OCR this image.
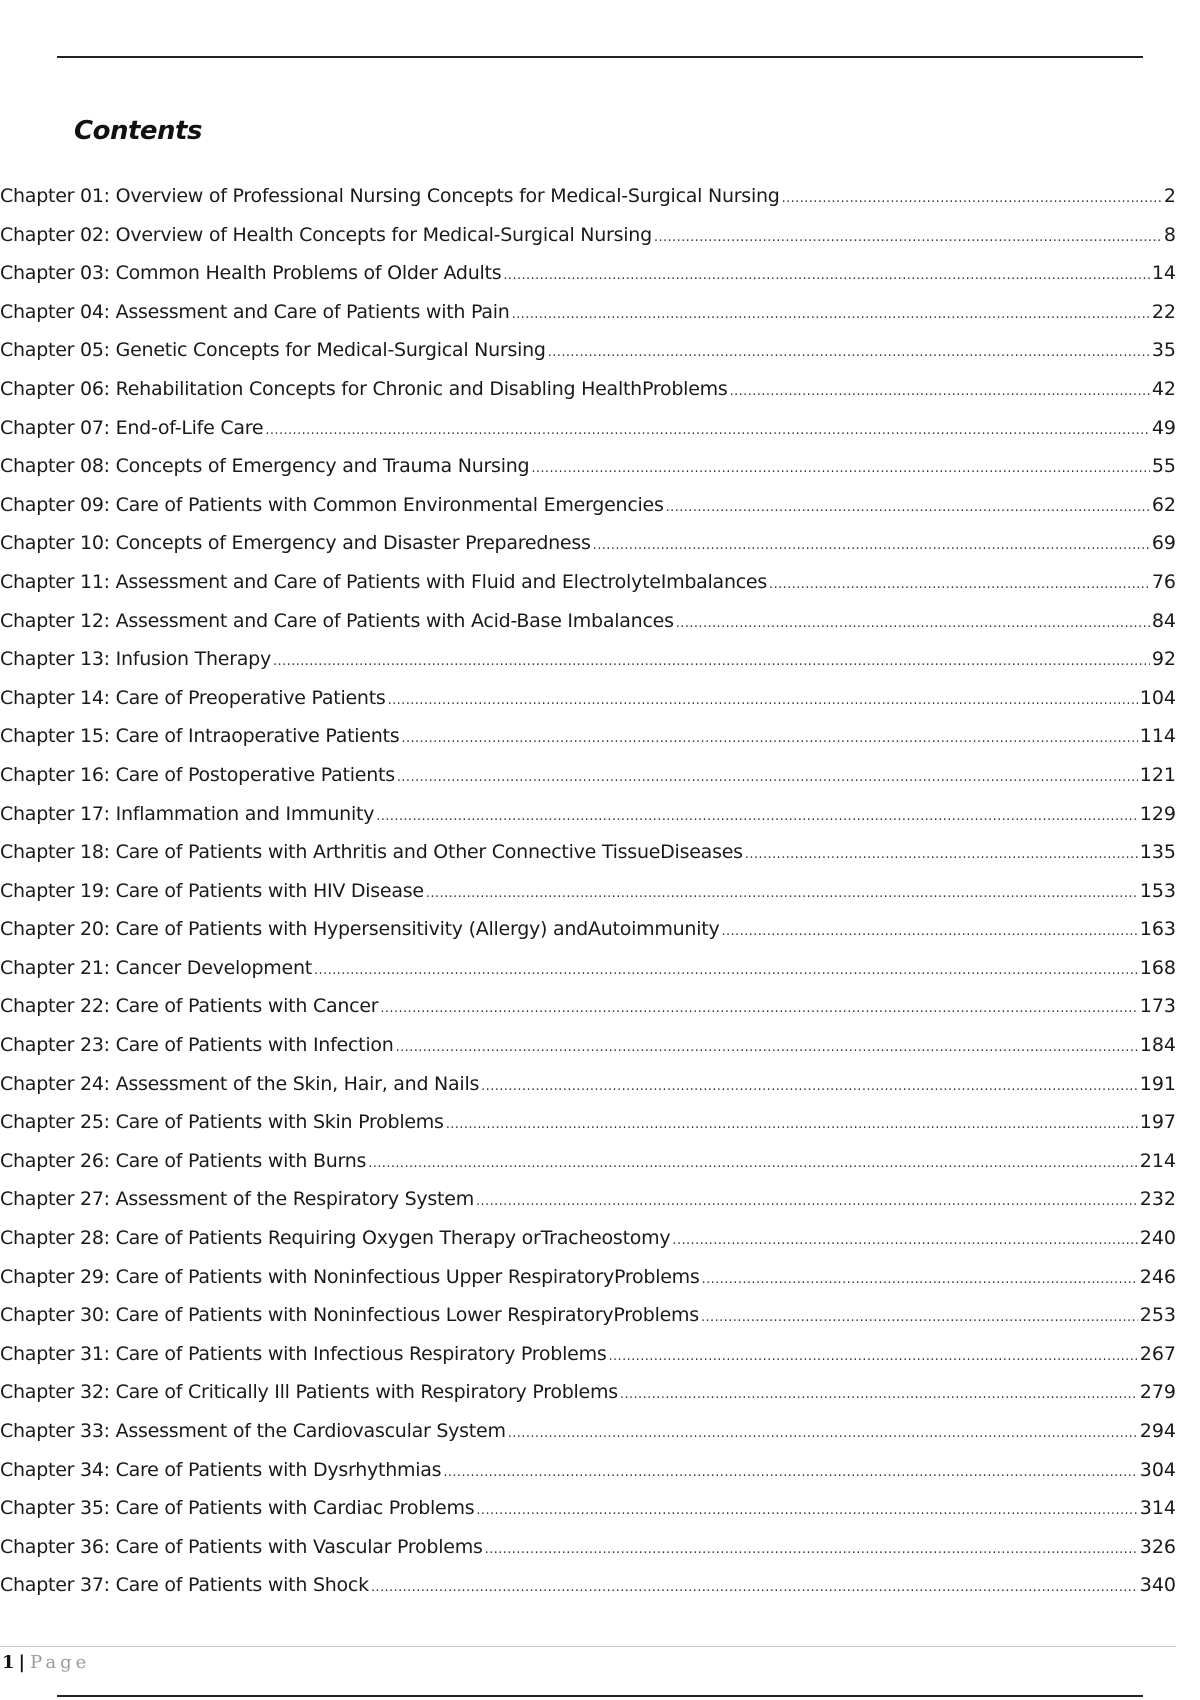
Contents
Chapter 01: Overview of Professional Nursing Concepts for Medical-Surgical Nursing .....	2
Chapter 02: Overview of Health Concepts for Medical-Surgical Nursing .....	8
Chapter 03: Common Health Problems of Older Adults .....	14
Chapter 04: Assessment and Care of Patients with Pain .....	22
Chapter 05: Genetic Concepts for Medical-Surgical Nursing .....	35
Chapter 06: Rehabilitation Concepts for Chronic and Disabling HealthProblems .....	42
Chapter 07: End-of-Life Care .....	49
Chapter 08: Concepts of Emergency and Trauma Nursing .....	55
Chapter 09: Care of Patients with Common Environmental Emergencies .....	62
Chapter 10: Concepts of Emergency and Disaster Preparedness .....	69
Chapter 11: Assessment and Care of Patients with Fluid and ElectrolyteImbalances .....	76
Chapter 12: Assessment and Care of Patients with Acid-Base Imbalances .....	84
Chapter 13: Infusion Therapy .....	92
Chapter 14: Care of Preoperative Patients .....	104
Chapter 15: Care of Intraoperative Patients .....	114
Chapter 16: Care of Postoperative Patients .....	121
Chapter 17: Inflammation and Immunity .....	129
Chapter 18: Care of Patients with Arthritis and Other Connective TissueDiseases .....	135
Chapter 19: Care of Patients with HIV Disease .....	153
Chapter 20: Care of Patients with Hypersensitivity (Allergy) andAutoimmunity .....	163
Chapter 21: Cancer Development .....	168
Chapter 22: Care of Patients with Cancer .....	173
Chapter 23: Care of Patients with Infection .....	184
Chapter 24: Assessment of the Skin, Hair, and Nails .....	191
Chapter 25: Care of Patients with Skin Problems .....	197
Chapter 26: Care of Patients with Burns .....	214
Chapter 27: Assessment of the Respiratory System .....	232
Chapter 28: Care of Patients Requiring Oxygen Therapy orTracheostomy .....	240
Chapter 29: Care of Patients with Noninfectious Upper RespiratoryProblems .....	246
Chapter 30: Care of Patients with Noninfectious Lower RespiratoryProblems .....	253
Chapter 31: Care of Patients with Infectious Respiratory Problems .....	267
Chapter 32: Care of Critically Ill Patients with Respiratory Problems .....	279
Chapter 33: Assessment of the Cardiovascular System .....	294
Chapter 34: Care of Patients with Dysrhythmias .....	304
Chapter 35: Care of Patients with Cardiac Problems .....	314
Chapter 36: Care of Patients with Vascular Problems .....	326
Chapter 37: Care of Patients with Shock .....	340
1 | Page
